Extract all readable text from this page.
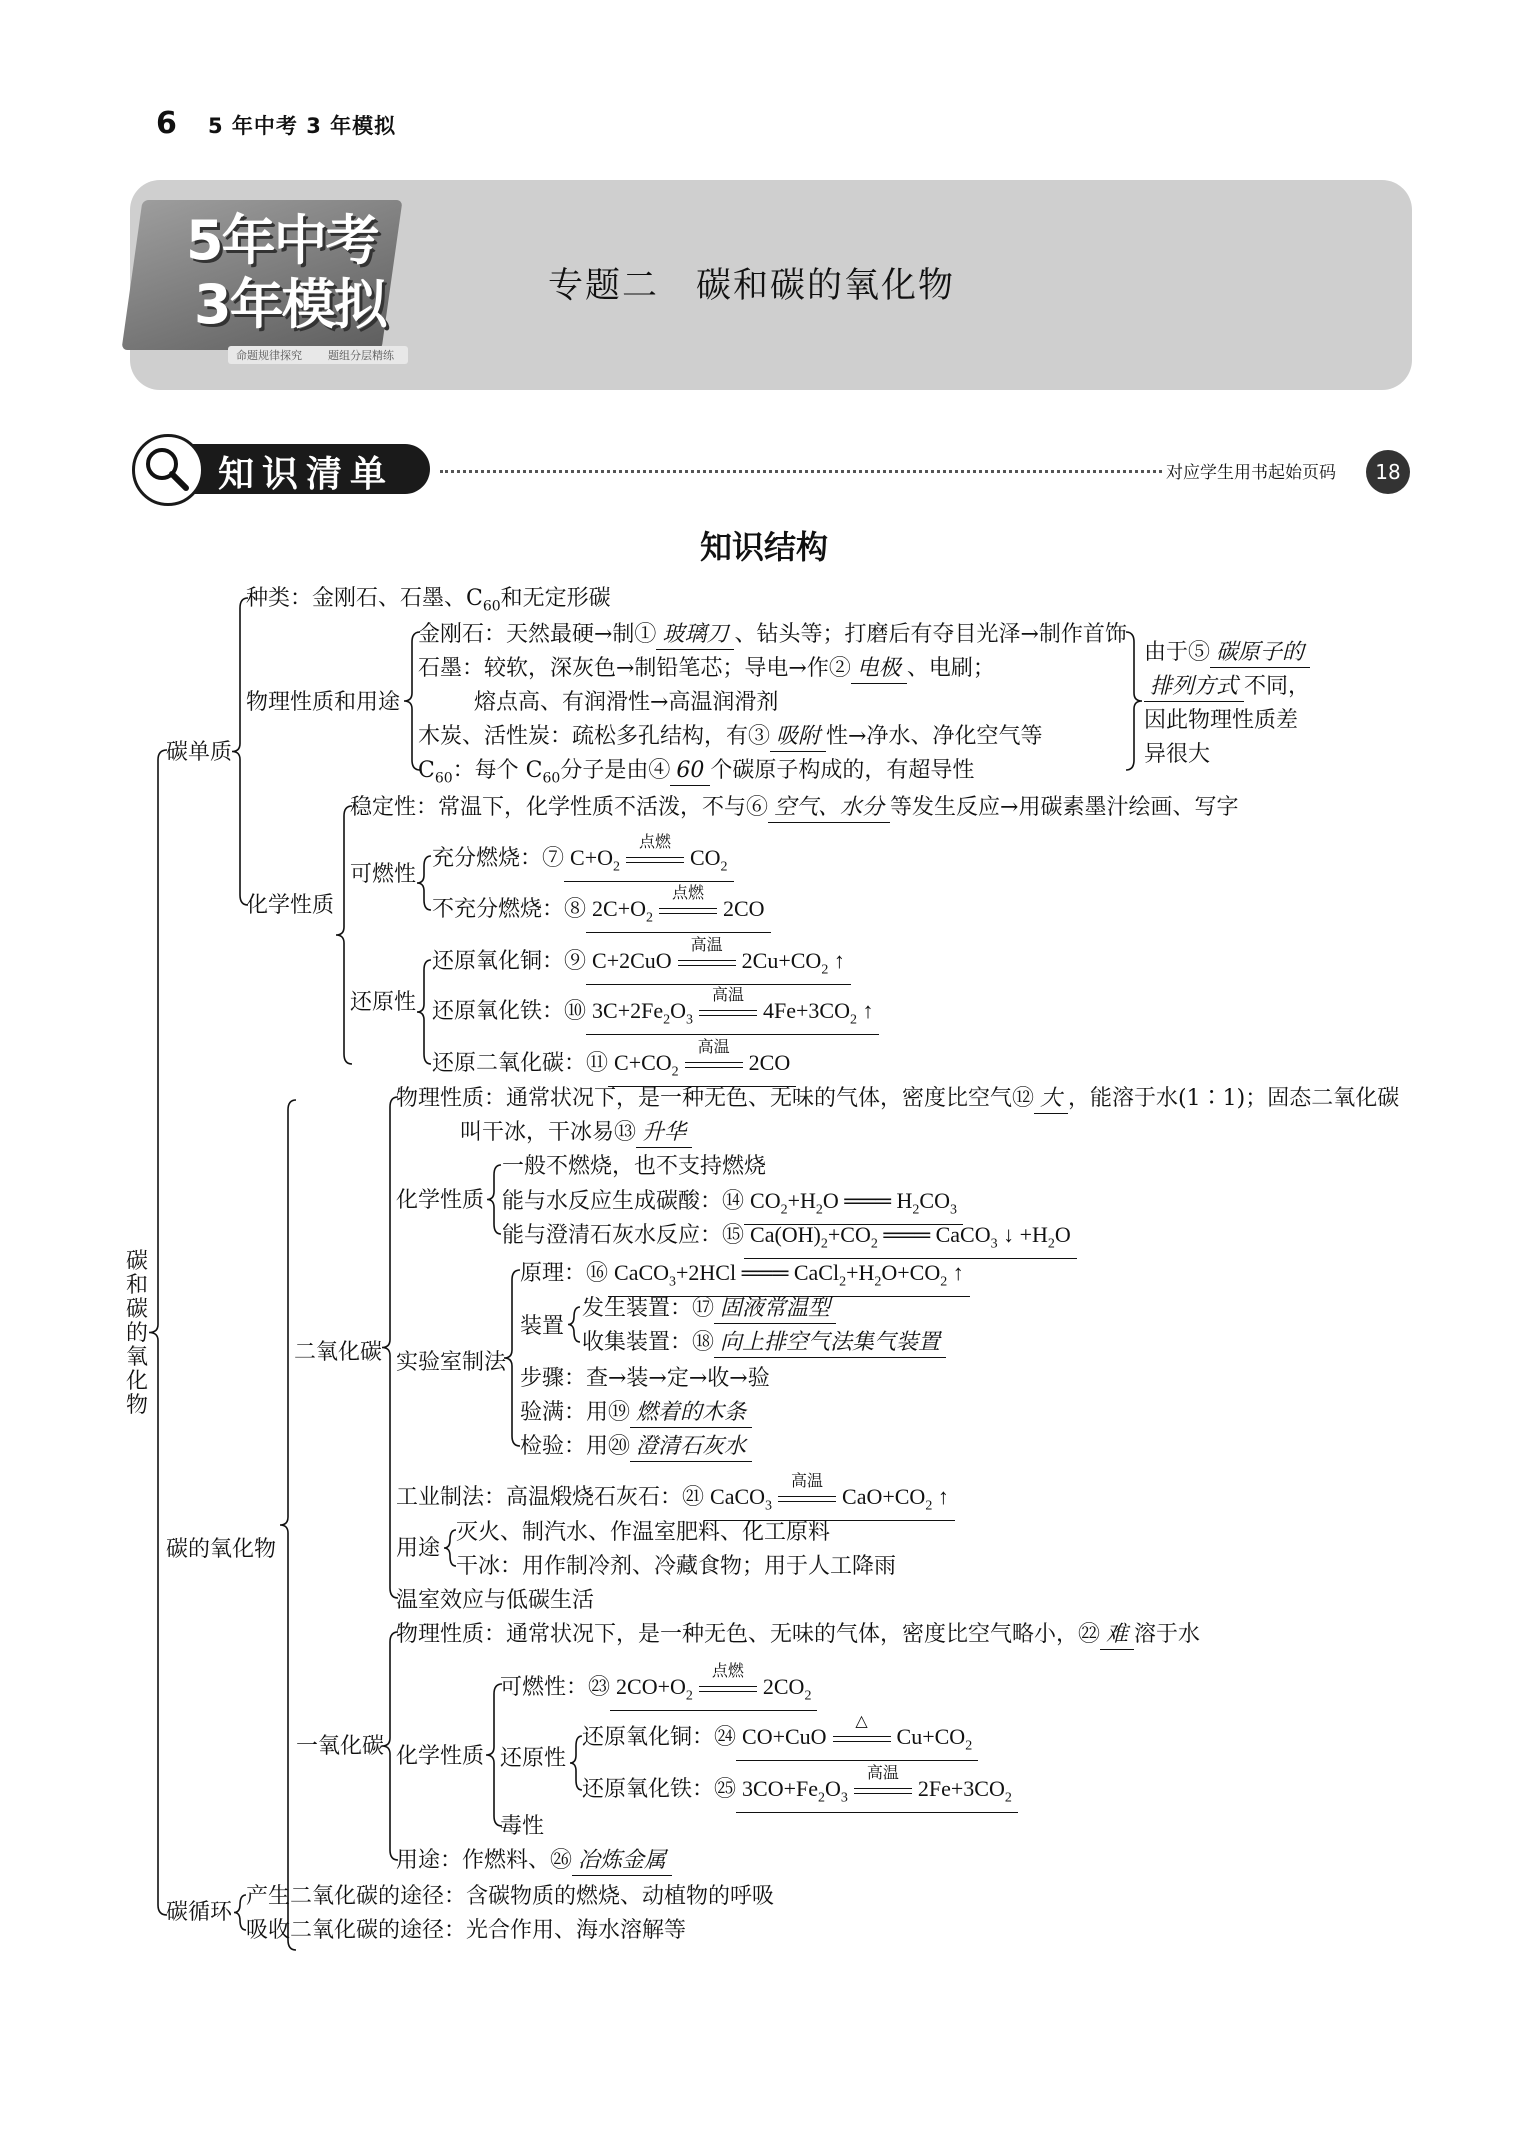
6 5 年中考 3 年模拟
5年中考
3年模拟
命题规律探究 题组分层精练
专题二　碳和碳的氧化物
知识清单	对应学生用书起始页码	18
知识结构
碳
和
碳
的
氧
化
物
碳单质
种类：金刚石、石墨、$C_{60}$和无定形碳
物理性质和用途
金刚石：天然最硬→制① 玻璃刀 、钻头等；打磨后有夺目光泽→制作首饰
石墨：较软，深灰色→制铅笔芯；导电→作② 电极 、电刷；
熔点高、有润滑性→高温润滑剂
木炭、活性炭：疏松多孔结构，有③ 吸附 性→净水、净化空气等
$C_{60}$：每个 $C_{60}$分子是由④ 60 个碳原子构成的，有超导性
由于⑤ 碳原子的
排列方式 不同，
因此物理性质差
异很大
化学性质
稳定性：常温下，化学性质不活泼，不与⑥ 空气、水分 等发生反应→用碳素墨汁绘画、写字
可燃性
充分燃烧：⑦ $C+O_2$
点燃
$CO_2$
不充分燃烧：⑧ $2C+O_2$
点燃
2CO
还原性
还原氧化铜：⑨ C+2CuO
高温
$2Cu+CO_2$ ↑
还原氧化铁：⑩ $3C+2Fe_2O_3$
高温
$4Fe+3CO_2$ ↑
还原二氧化碳：⑪ $C+CO_2$
高温
2CO
碳的氧化物
二氧化碳
物理性质：通常状况下，是一种无色、无味的气体，密度比空气⑫ 大 ，能溶于水(1∶1)；固态二氧化碳
叫干冰，干冰易⑬ 升华
化学性质
一般不燃烧，也不支持燃烧
能与水反应生成碳酸：⑭ $CO_2+H_2O$ ═══ $H_2CO_3$
能与澄清石灰水反应：⑮ $Ca(OH)_2+CO_2$ ═══ CaCO$_3$ ↓ $+H_2O$
实验室制法
原理：⑯ CaCO$_3$+2HCl ═══ $CaCl_2+H_2O+CO_2$ ↑
装置
发生装置：⑰ 固液常温型
收集装置：⑱ 向上排空气法集气装置
步骤：查→装→定→收→验
验满：用⑲ 燃着的木条
检验：用⑳ 澄清石灰水
工业制法：高温煅烧石灰石：㉑ CaCO$_3$
高温
$CaO+CO_2$ ↑
用途
灭火、制汽水、作温室肥料、化工原料
干冰：用作制冷剂、冷藏食物；用于人工降雨
温室效应与低碳生活
一氧化碳
物理性质：通常状况下，是一种无色、无味的气体，密度比空气略小，㉒ 难 溶于水
化学性质
可燃性：㉓ $2CO+O_2$
点燃
$2CO_2$
还原性
还原氧化铜：㉔ CO+CuO
△
$Cu+CO_2$
还原氧化铁：㉕ $3CO+Fe_2O_3$
高温
$2Fe+3CO_2$
毒性
用途：作燃料、㉖ 冶炼金属
碳循环
产生二氧化碳的途径：含碳物质的燃烧、动植物的呼吸
吸收二氧化碳的途径：光合作用、海水溶解等
